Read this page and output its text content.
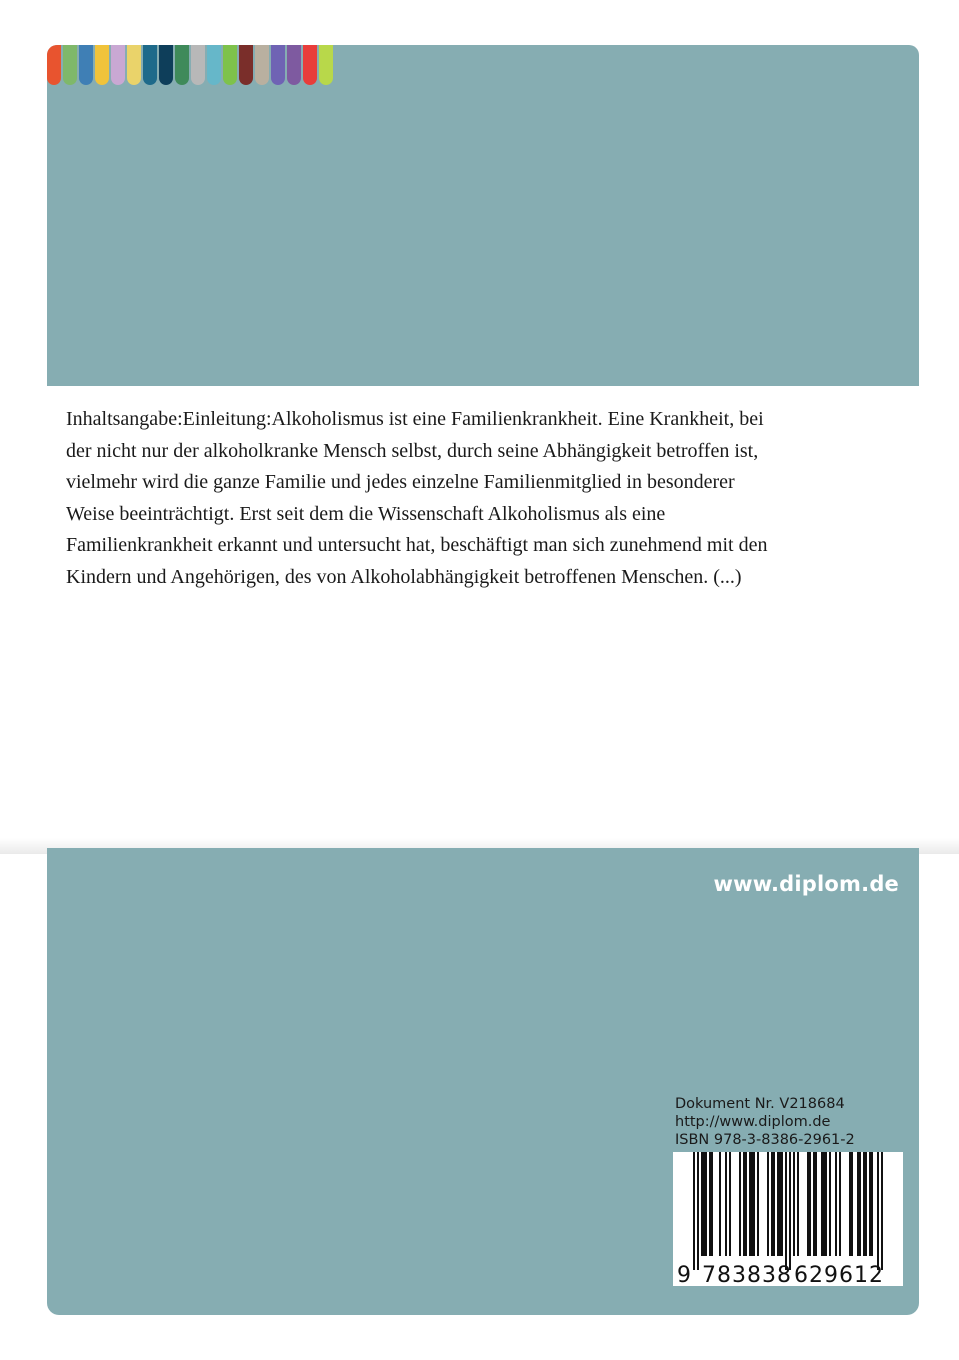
Inhaltsangabe:Einleitung:Alkoholismus ist eine Familienkrankheit. Eine Krankheit, bei der nicht nur der alkoholkranke Mensch selbst, durch seine Abhängigkeit betroffen ist, vielmehr wird die ganze Familie und jedes einzelne Familienmitglied in besonderer Weise beeinträchtigt. Erst seit dem die Wissenschaft Alkoholismus als eine Familienkrankheit erkannt und untersucht hat, beschäftigt man sich zunehmend mit den Kindern und Angehörigen, des von Alkoholabhängigkeit betroffenen Menschen. (...)

www.diplom.de
Dokument Nr. V218684
http://www.diplom.de
ISBN 978-3-8386-2961-2
9 783838 629612
